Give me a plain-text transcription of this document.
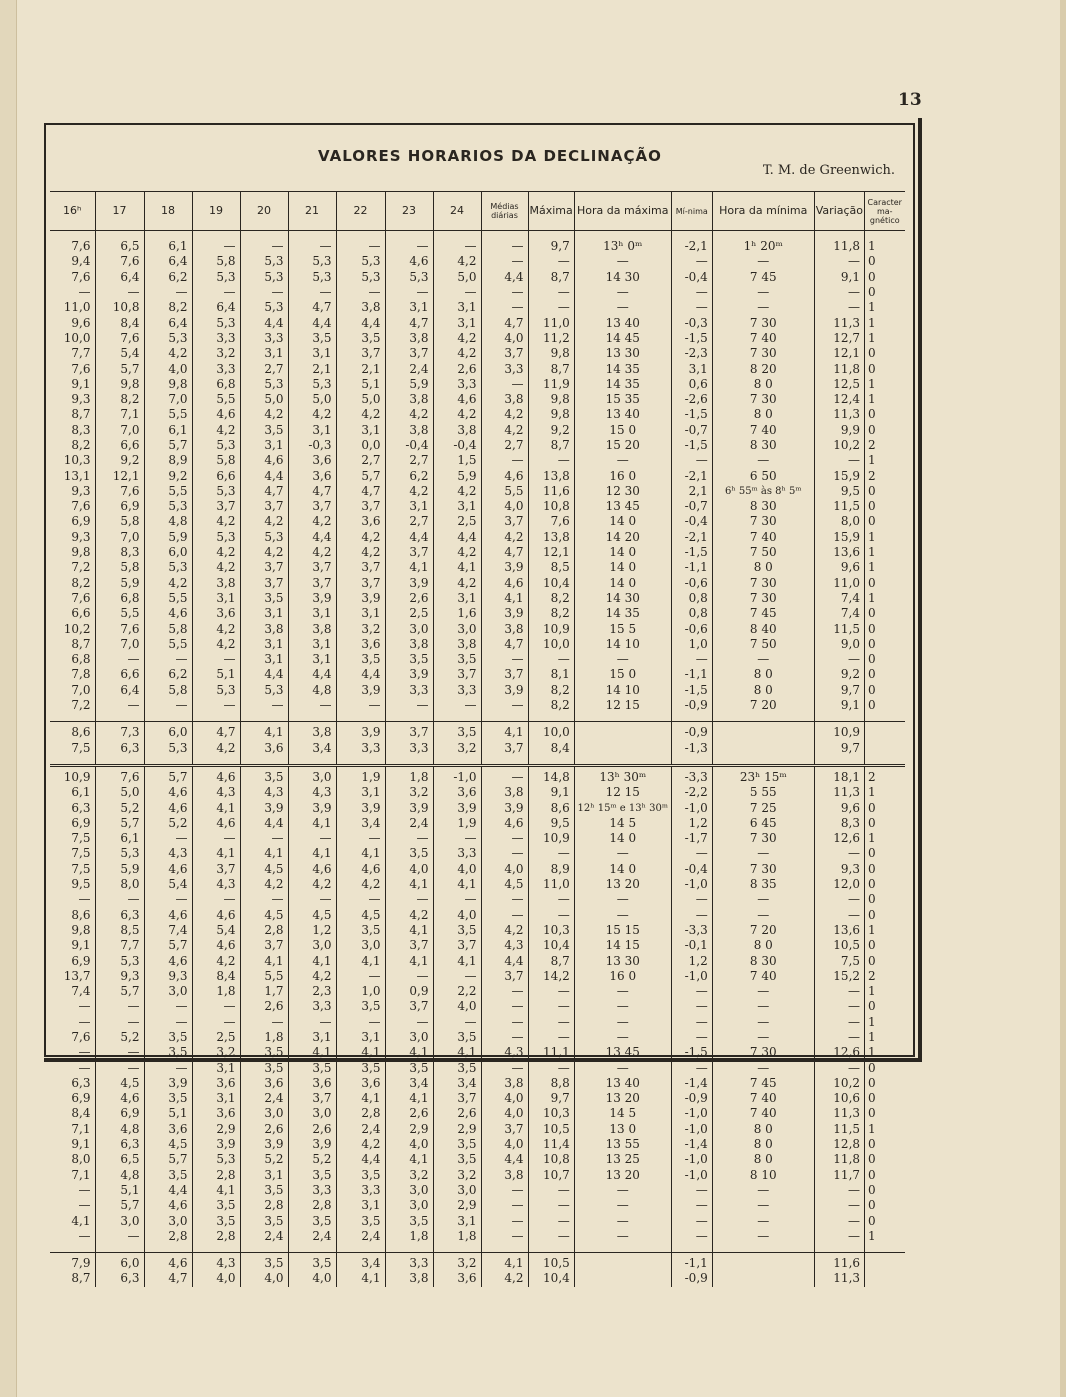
13
VALORES HORARIOS DA DECLINAÇÃO
T. M. de Greenwich.
16ʰ	17	18	19	20	21	22	23	24	Médias diárias	Máxima	Hora da máxima	Mí-nima	Hora da mínima	Variação	Caracter ma-gnético

7,6	6,5	6,1	—	—	—	—	—	—	—	9,7	13ʰ 0ᵐ	-2,1	1ʰ 20ᵐ	11,8	1
9,4	7,6	6,4	5,8	5,3	5,3	5,3	4,6	4,2	—	—	—	—	—	—	0
7,6	6,4	6,2	5,3	5,3	5,3	5,3	5,3	5,0	4,4	8,7	14 30	-0,4	7 45	9,1	0
—	—	—	—	—	—	—	—	—	—	—	—	—	—	—	0
11,0	10,8	8,2	6,4	5,3	4,7	3,8	3,1	3,1	—	—	—	—	—	—	1
9,6	8,4	6,4	5,3	4,4	4,4	4,4	4,7	3,1	4,7	11,0	13 40	-0,3	7 30	11,3	1
10,0	7,6	5,3	3,3	3,3	3,5	3,5	3,8	4,2	4,0	11,2	14 45	-1,5	7 40	12,7	1
7,7	5,4	4,2	3,2	3,1	3,1	3,7	3,7	4,2	3,7	9,8	13 30	-2,3	7 30	12,1	0
7,6	5,7	4,0	3,3	2,7	2,1	2,1	2,4	2,6	3,3	8,7	14 35	3,1	8 20	11,8	0
9,1	9,8	9,8	6,8	5,3	5,3	5,1	5,9	3,3	—	11,9	14 35	0,6	8 0	12,5	1
9,3	8,2	7,0	5,5	5,0	5,0	5,0	3,8	4,6	3,8	9,8	15 35	-2,6	7 30	12,4	1
8,7	7,1	5,5	4,6	4,2	4,2	4,2	4,2	4,2	4,2	9,8	13 40	-1,5	8 0	11,3	0
8,3	7,0	6,1	4,2	3,5	3,1	3,1	3,8	3,8	4,2	9,2	15 0	-0,7	7 40	9,9	0
8,2	6,6	5,7	5,3	3,1	-0,3	0,0	-0,4	-0,4	2,7	8,7	15 20	-1,5	8 30	10,2	2
10,3	9,2	8,9	5,8	4,6	3,6	2,7	2,7	1,5	—	—	—	—	—	—	1
13,1	12,1	9,2	6,6	4,4	3,6	5,7	6,2	5,9	4,6	13,8	16 0	-2,1	6 50	15,9	2
9,3	7,6	5,5	5,3	4,7	4,7	4,7	4,2	4,2	5,5	11,6	12 30	2,1	6ʰ 55ᵐ às 8ʰ 5ᵐ	9,5	0
7,6	6,9	5,3	3,7	3,7	3,7	3,7	3,1	3,1	4,0	10,8	13 45	-0,7	8 30	11,5	0
6,9	5,8	4,8	4,2	4,2	4,2	3,6	2,7	2,5	3,7	7,6	14 0	-0,4	7 30	8,0	0
9,3	7,0	5,9	5,3	5,3	4,4	4,2	4,4	4,4	4,2	13,8	14 20	-2,1	7 40	15,9	1
9,8	8,3	6,0	4,2	4,2	4,2	4,2	3,7	4,2	4,7	12,1	14 0	-1,5	7 50	13,6	1
7,2	5,8	5,3	4,2	3,7	3,7	3,7	4,1	4,1	3,9	8,5	14 0	-1,1	8 0	9,6	1
8,2	5,9	4,2	3,8	3,7	3,7	3,7	3,9	4,2	4,6	10,4	14 0	-0,6	7 30	11,0	0
7,6	6,8	5,5	3,1	3,5	3,9	3,9	2,6	3,1	4,1	8,2	14 30	0,8	7 30	7,4	1
6,6	5,5	4,6	3,6	3,1	3,1	3,1	2,5	1,6	3,9	8,2	14 35	0,8	7 45	7,4	0
10,2	7,6	5,8	4,2	3,8	3,8	3,2	3,0	3,0	3,8	10,9	15 5	-0,6	8 40	11,5	0
8,7	7,0	5,5	4,2	3,1	3,1	3,6	3,8	3,8	4,7	10,0	14 10	1,0	7 50	9,0	0
6,8	—	—	—	3,1	3,1	3,5	3,5	3,5	—	—	—	—	—	—	0
7,8	6,6	6,2	5,1	4,4	4,4	4,4	3,9	3,7	3,7	8,1	15 0	-1,1	8 0	9,2	0
7,0	6,4	5,8	5,3	5,3	4,8	3,9	3,3	3,3	3,9	8,2	14 10	-1,5	8 0	9,7	0
7,2	—	—	—	—	—	—	—	—	—	8,2	12 15	-0,9	7 20	9,1	0

8,6	7,3	6,0	4,7	4,1	3,8	3,9	3,7	3,5	4,1	10,0		-0,9		10,9	
7,5	6,3	5,3	4,2	3,6	3,4	3,3	3,3	3,2	3,7	8,4		-1,3		9,7	

10,9	7,6	5,7	4,6	3,5	3,0	1,9	1,8	-1,0	—	14,8	13ʰ 30ᵐ	-3,3	23ʰ 15ᵐ	18,1	2
6,1	5,0	4,6	4,3	4,3	4,3	3,1	3,2	3,6	3,8	9,1	12 15	-2,2	5 55	11,3	1
6,3	5,2	4,6	4,1	3,9	3,9	3,9	3,9	3,9	3,9	8,6	12ʰ 15ᵐ e 13ʰ 30ᵐ	-1,0	7 25	9,6	0
6,9	5,7	5,2	4,6	4,4	4,1	3,4	2,4	1,9	4,6	9,5	14 5	1,2	6 45	8,3	0
7,5	6,1	—	—	—	—	—	—	—	—	10,9	14 0	-1,7	7 30	12,6	1
7,5	5,3	4,3	4,1	4,1	4,1	4,1	3,5	3,3	—	—	—	—	—	—	0
7,5	5,9	4,6	3,7	4,5	4,6	4,6	4,0	4,0	4,0	8,9	14 0	-0,4	7 30	9,3	0
9,5	8,0	5,4	4,3	4,2	4,2	4,2	4,1	4,1	4,5	11,0	13 20	-1,0	8 35	12,0	0
—	—	—	—	—	—	—	—	—	—	—	—	—	—	—	0
8,6	6,3	4,6	4,6	4,5	4,5	4,5	4,2	4,0	—	—	—	—	—	—	0
9,8	8,5	7,4	5,4	2,8	1,2	3,5	4,1	3,5	4,2	10,3	15 15	-3,3	7 20	13,6	1
9,1	7,7	5,7	4,6	3,7	3,0	3,0	3,7	3,7	4,3	10,4	14 15	-0,1	8 0	10,5	0
6,9	5,3	4,6	4,2	4,1	4,1	4,1	4,1	4,1	4,4	8,7	13 30	1,2	8 30	7,5	0
13,7	9,3	9,3	8,4	5,5	4,2	—	—	—	3,7	14,2	16 0	-1,0	7 40	15,2	2
7,4	5,7	3,0	1,8	1,7	2,3	1,0	0,9	2,2	—	—	—	—	—	—	1
—	—	—	—	2,6	3,3	3,5	3,7	4,0	—	—	—	—	—	—	0
—	—	—	—	—	—	—	—	—	—	—	—	—	—	—	1
7,6	5,2	3,5	2,5	1,8	3,1	3,1	3,0	3,5	—	—	—	—	—	—	1
—	—	3,5	3,2	3,5	4,1	4,1	4,1	4,1	4,3	11,1	13 45	-1,5	7 30	12,6	1
—	—	—	3,1	3,5	3,5	3,5	3,5	3,5	—	—	—	—	—	—	0
6,3	4,5	3,9	3,6	3,6	3,6	3,6	3,4	3,4	3,8	8,8	13 40	-1,4	7 45	10,2	0
6,9	4,6	3,5	3,1	2,4	3,7	4,1	4,1	3,7	4,0	9,7	13 20	-0,9	7 40	10,6	0
8,4	6,9	5,1	3,6	3,0	3,0	2,8	2,6	2,6	4,0	10,3	14 5	-1,0	7 40	11,3	0
7,1	4,8	3,6	2,9	2,6	2,6	2,4	2,9	2,9	3,7	10,5	13 0	-1,0	8 0	11,5	1
9,1	6,3	4,5	3,9	3,9	3,9	4,2	4,0	3,5	4,0	11,4	13 55	-1,4	8 0	12,8	0
8,0	6,5	5,7	5,3	5,2	5,2	4,4	4,1	3,5	4,4	10,8	13 25	-1,0	8 0	11,8	0
7,1	4,8	3,5	2,8	3,1	3,5	3,5	3,2	3,2	3,8	10,7	13 20	-1,0	8 10	11,7	0
—	5,1	4,4	4,1	3,5	3,3	3,3	3,0	3,0	—	—	—	—	—	—	0
—	5,7	4,6	3,5	2,8	2,8	3,1	3,0	2,9	—	—	—	—	—	—	0
4,1	3,0	3,0	3,5	3,5	3,5	3,5	3,5	3,1	—	—	—	—	—	—	0
—	—	2,8	2,8	2,4	2,4	2,4	1,8	1,8	—	—	—	—	—	—	1

7,9	6,0	4,6	4,3	3,5	3,5	3,4	3,3	3,2	4,1	10,5		-1,1		11,6	
8,7	6,3	4,7	4,0	4,0	4,0	4,1	3,8	3,6	4,2	10,4		-0,9		11,3	
